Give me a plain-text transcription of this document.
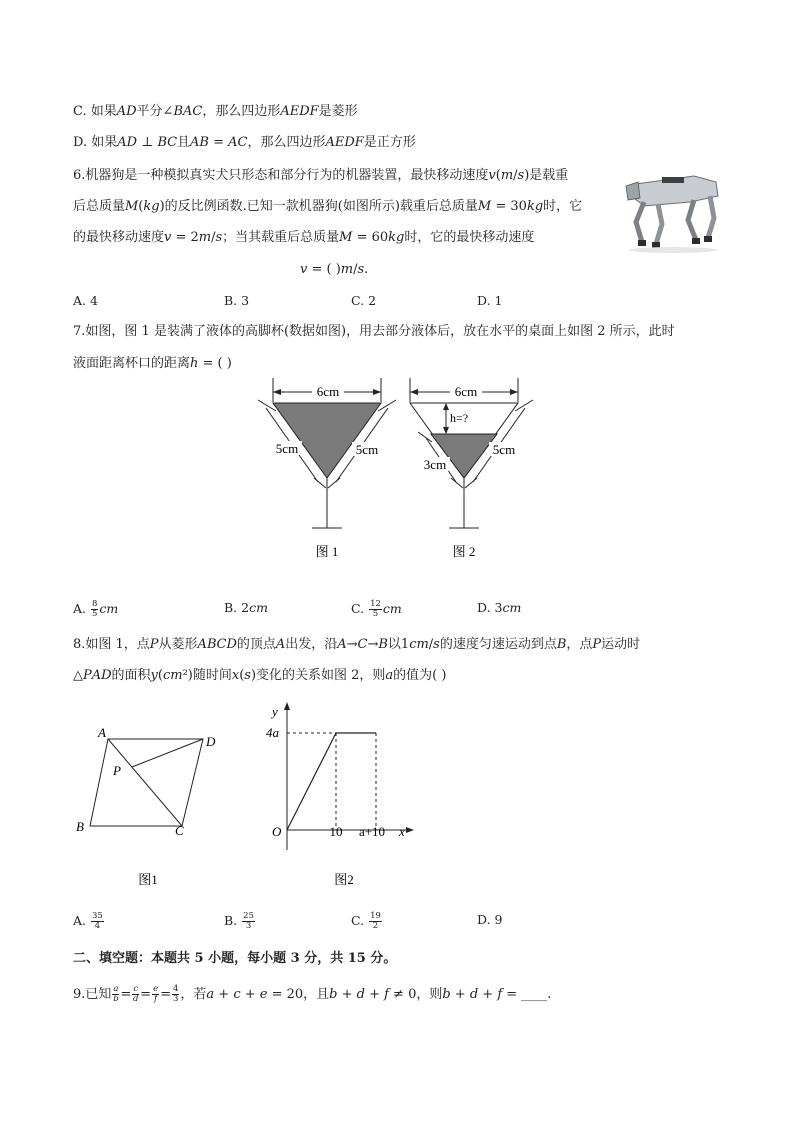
C. 如果𝐴𝐷平分∠𝐵𝐴𝐶，那么四边形𝐴𝐸𝐷𝐹是菱形
D. 如果𝐴𝐷 ⊥ 𝐵𝐶且𝐴𝐵 = 𝐴𝐶，那么四边形𝐴𝐸𝐷𝐹是正方形
6.机器狗是一种模拟真实犬只形态和部分行为的机器装置，最快移动速度𝑣(𝑚/𝑠)是载重
后总质量𝑀(𝑘𝑔)的反比例函数.已知一款机器狗(如图所示)载重后总质量𝑀 = 30𝑘𝑔时，它
的最快移动速度𝑣 = 2𝑚/𝑠；当其载重后总质量𝑀 = 60𝑘𝑔时，它的最快移动速度
𝑣 = ( )𝑚/𝑠.
A. 4	B. 3	C. 2	D. 1
7.如图，图 1 是装满了液体的高脚杯(数据如图)，用去部分液体后，放在水平的桌面上如图 2 所示，此时
液面距离杯口的距离ℎ = ( )
6cm
5cm	5cm
图 1
6cm
h=?
3cm
5cm
图 2
A. $\frac{8}{5}$ 𝑐𝑚	B. 2𝑐𝑚	C. $\frac{12}{5}$ 𝑐𝑚	D. 3𝑐𝑚
8.如图 1，点𝑃从菱形𝐴𝐵𝐶𝐷的顶点𝐴出发，沿𝐴→𝐶→𝐵以1𝑐𝑚/𝑠的速度匀速运动到点𝐵，点𝑃运动时
△𝑃𝐴𝐷的面积𝑦(𝑐𝑚²)随时间𝑥(𝑠)变化的关系如图 2，则𝑎的值为( )
A
D
B	C
P
图1
y
x
O
4a
10 a+10
图2
A. $\frac{35}{4}$	B. $\frac{25}{3}$	C. $\frac{19}{2}$	D. 9
二、填空题：本题共 5 小题，每小题 3 分，共 15 分。
9.已知 $\frac{\text{𝑎}}{\text{𝑏}} = \frac{\text{𝑐}}{\text{𝑑}} = \frac{\text{𝑒}}{\text{𝑓}} = \frac{4}{3}$ ，若𝑎 + 𝑐 + 𝑒 = 20，且𝑏 + 𝑑 + 𝑓 ≠ 0，则𝑏 + 𝑑 + 𝑓 = ____.
